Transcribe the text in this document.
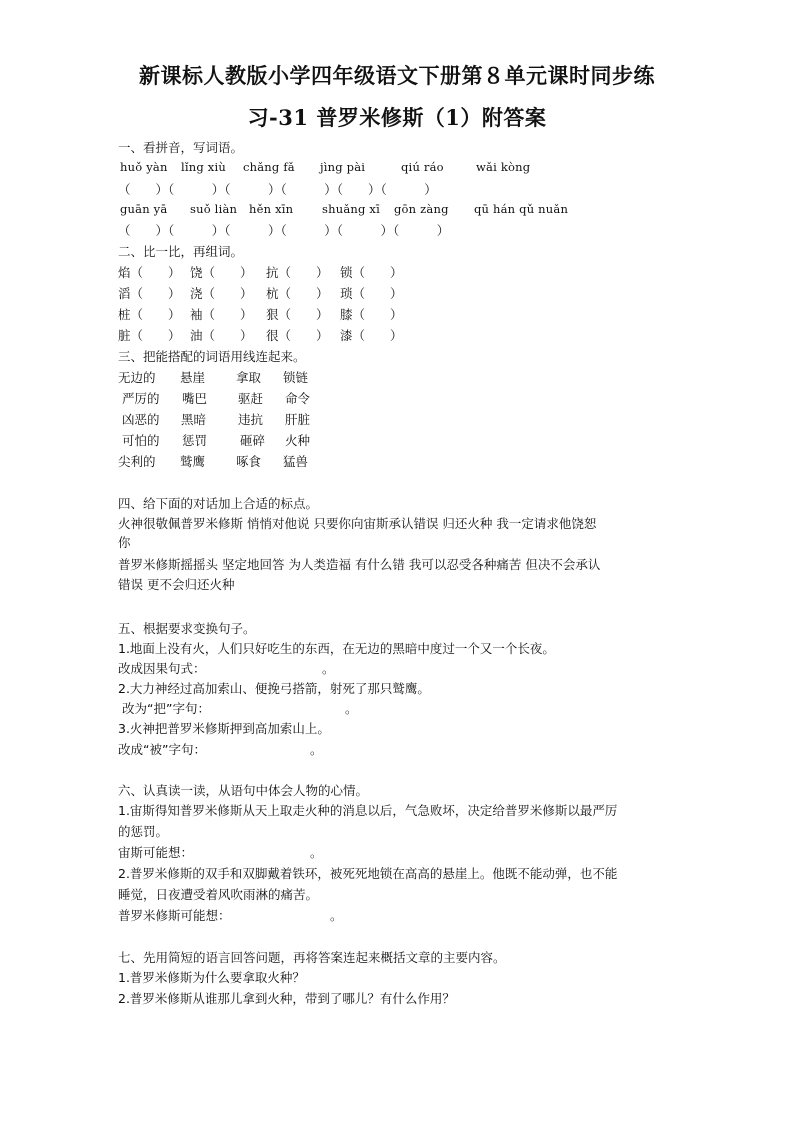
新课标人教版小学四年级语文下册第８单元课时同步练
习-31 普罗米修斯（1）附答案
一、看拼音，写词语。
huǒ yàn lǐng xiù chǎng fǎ jìng pài	qiú ráo	wǎi kòng
（　　）（　　　）（　　　）（　　　）（　　）（　　　）
guān yā suǒ liàn hěn xīn	shuǎng xī gōn zàng qū hán qǔ nuǎn
（　　）（　　　）（　　　）（　　　）（　　　）（　　　）
二、比一比，再组词。
焰（　　） 饶（　　） 抗（　　） 锁（　　）
滔（　　） 浇（　　） 杭（　　） 琐（　　）
桩（　　） 袖（　　） 狠（　　） 膝（　　）
脏（　　） 油（　　） 很（　　） 漆（　　）
三、把能搭配的词语用线连起来。
无边的 悬崖 拿取 锁链
严厉的 嘴巴 驱赶 命令
凶恶的 黑暗	违抗 肝脏
可怕的 惩罚	砸碎 火种
尖利的 鹫鹰 啄食 猛兽
四、给下面的对话加上合适的标点。
火神很敬佩普罗米修斯 悄悄对他说 只要你向宙斯承认错误 归还火种 我一定请求他饶恕
你
普罗米修斯摇摇头 坚定地回答 为人类造福 有什么错 我可以忍受各种痛苦 但决不会承认
错误 更不会归还火种
五、根据要求变换句子。
1.地面上没有火，人们只好吃生的东西，在无边的黑暗中度过一个又一个长夜。
改成因果句式：	。
2.大力神经过高加索山、便挽弓搭箭，射死了那只鹫鹰。
改为“把”字句：	。
3.火神把普罗米修斯押到高加索山上。
改成“被”字句：	。
六、认真读一读，从语句中体会人物的心情。
1.宙斯得知普罗米修斯从天上取走火种的消息以后，气急败坏，决定给普罗米修斯以最严厉
的惩罚。
宙斯可能想：	。
2.普罗米修斯的双手和双脚戴着铁环，被死死地锁在高高的悬崖上。他既不能动弹，也不能
睡觉，日夜遭受着风吹雨淋的痛苦。
普罗米修斯可能想：	。
七、先用简短的语言回答问题，再将答案连起来概括文章的主要内容。
1.普罗米修斯为什么要拿取火种？
2.普罗米修斯从谁那儿拿到火种，带到了哪儿？有什么作用？
